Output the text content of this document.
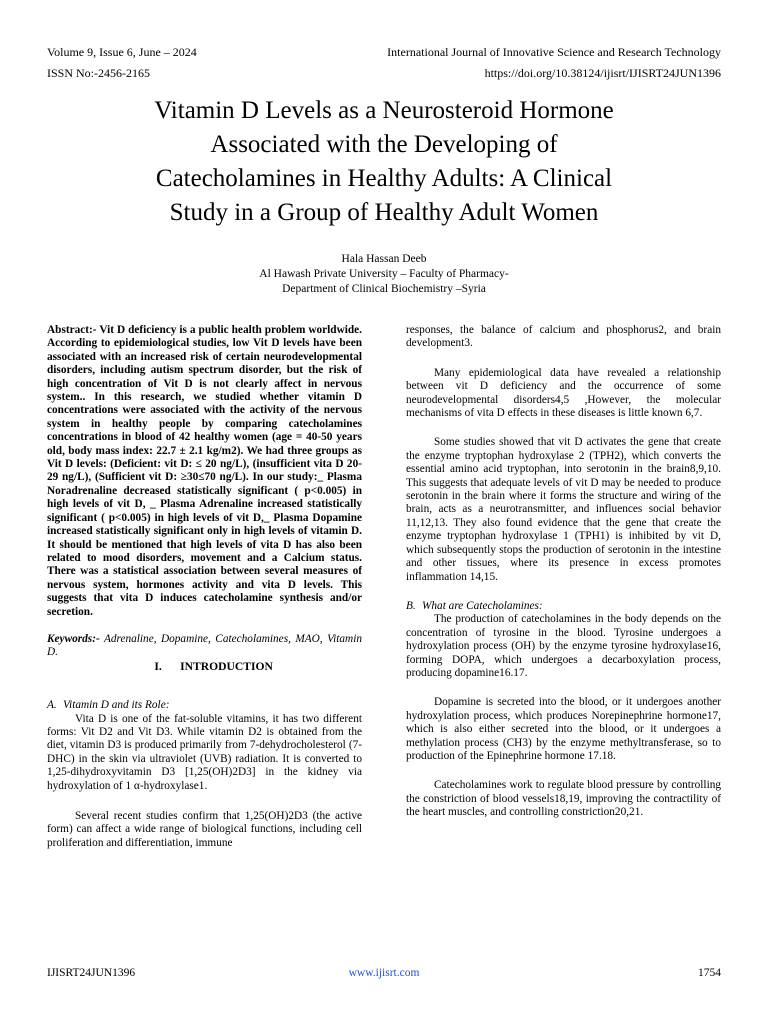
Volume 9, Issue 6, June – 2024	International Journal of Innovative Science and Research Technology
ISSN No:-2456-2165	https://doi.org/10.38124/ijisrt/IJISRT24JUN1396
Vitamin D Levels as a Neurosteroid Hormone
Associated with the Developing of
Catecholamines in Healthy Adults: A Clinical
Study in a Group of Healthy Adult Women
Hala Hassan Deeb
Al Hawash Private University – Faculty of Pharmacy-
Department of Clinical Biochemistry –Syria

Abstract:- Vit D deficiency is a public health problem worldwide. According to epidemiological studies, low Vit D levels have been associated with an increased risk of certain neurodevelopmental disorders, including autism spectrum disorder, but the risk of high concentration of Vit D is not clearly affect in nervous system.. In this research, we studied whether vitamin D concentrations were associated with the activity of the nervous system in healthy people by comparing catecholamines concentrations in blood of 42 healthy women (age = 40-50 years old, body mass index: 22.7 ± 2.1 kg/m2). We had three groups as Vit D levels: (Deficient: vit D: ≤ 20 ng/L), (insufficient vita D 20-29 ng/L), (Sufficient vit D: ≥30≤70 ng/L). In our study:_ Plasma Noradrenaline decreased statistically significant ( p<0.005) in high levels of vit D, _ Plasma Adrenaline increased statistically significant ( p<0.005) in high levels of vit D,_ Plasma Dopamine increased statistically significant only in high levels of vitamin D. It should be mentioned that high levels of vita D has also been related to mood disorders, movement and a Calcium status. There was a statistical association between several measures of nervous system, hormones activity and vita D levels. This suggests that vita D induces catecholamine synthesis and/or secretion.

Keywords:- Adrenaline, Dopamine, Catecholamines, MAO, Vitamin D.

I. INTRODUCTION

A. Vitamin D and its Role:

Vita D is one of the fat-soluble vitamins, it has two different forms: Vit D2 and Vit D3. While vitamin D2 is obtained from the diet, vitamin D3 is produced primarily from 7-dehydrocholesterol (7-DHC) in the skin via ultraviolet (UVB) radiation. It is converted to 1,25-dihydroxyvitamin D3 [1,25(OH)2D3] in the kidney via hydroxylation of 1 α-hydroxylase1.

Several recent studies confirm that 1,25(OH)2D3 (the active form) can affect a wide range of biological functions, including cell proliferation and differentiation, immune

responses, the balance of calcium and phosphorus2, and brain development3.

Many epidemiological data have revealed a relationship between vit D deficiency and the occurrence of some neurodevelopmental disorders4,5 ,However, the molecular mechanisms of vita D effects in these diseases is little known 6,7.

Some studies showed that vit D activates the gene that create the enzyme tryptophan hydroxylase 2 (TPH2), which converts the essential amino acid tryptophan, into serotonin in the brain8,9,10. This suggests that adequate levels of vit D may be needed to produce serotonin in the brain where it forms the structure and wiring of the brain, acts as a neurotransmitter, and influences social behavior 11,12,13. They also found evidence that the gene that create the enzyme tryptophan hydroxylase 1 (TPH1) is inhibited by vit D, which subsequently stops the production of serotonin in the intestine and other tissues, where its presence in excess promotes inflammation 14,15.

B. What are Catecholamines:

The production of catecholamines in the body depends on the concentration of tyrosine in the blood. Tyrosine undergoes a hydroxylation process (OH) by the enzyme tyrosine hydroxylase16, forming DOPA, which undergoes a decarboxylation process, producing dopamine16.17.

Dopamine is secreted into the blood, or it undergoes another hydroxylation process, which produces Norepinephrine hormone17, which is also either secreted into the blood, or it undergoes a methylation process (CH3) by the enzyme methyltransferase, so to production of the Epinephrine hormone 17.18.

Catecholamines work to regulate blood pressure by controlling the constriction of blood vessels18,19, improving the contractility of the heart muscles, and controlling constriction20,21.

IJISRT24JUN1396	www.ijisrt.com	1754
